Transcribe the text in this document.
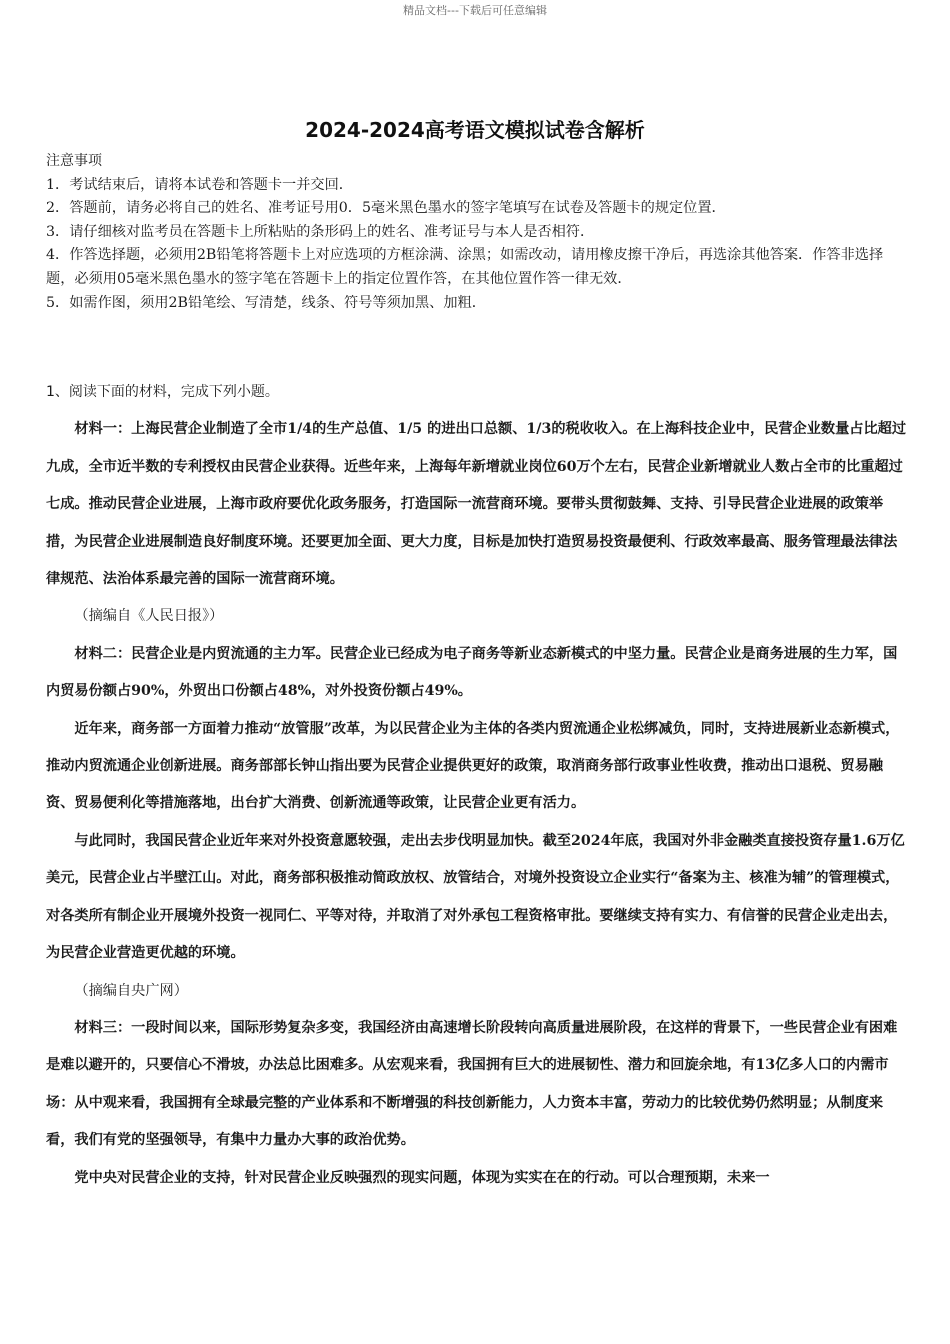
精品文档---下载后可任意编辑
2024-2024高考语文模拟试卷含解析

注意事项

1．考试结束后，请将本试卷和答题卡一并交回．

2．答题前，请务必将自己的姓名、准考证号用0．5毫米黑色墨水的签字笔填写在试卷及答题卡的规定位置．

3．请仔细核对监考员在答题卡上所粘贴的条形码上的姓名、准考证号与本人是否相符．

4．作答选择题，必须用2B铅笔将答题卡上对应选项的方框涂满、涂黑；如需改动，请用橡皮擦干净后，再选涂其他答案．作答非选择题，必须用05毫米黑色墨水的签字笔在答题卡上的指定位置作答，在其他位置作答一律无效．

5．如需作图，须用2B铅笔绘、写清楚，线条、符号等须加黑、加粗．

1、阅读下面的材料，完成下列小题。

材料一：上海民营企业制造了全市1/4的生产总值、1/5 的进出口总额、1/3的税收收入。在上海科技企业中，民营企业数量占比超过九成，全市近半数的专利授权由民营企业获得。近些年来，上海每年新增就业岗位60万个左右，民营企业新增就业人数占全市的比重超过七成。推动民营企业进展，上海市政府要优化政务服务，打造国际一流营商环境。要带头贯彻鼓舞、支持、引导民营企业进展的政策举措，为民营企业进展制造良好制度环境。还要更加全面、更大力度，目标是加快打造贸易投资最便利、行政效率最高、服务管理最法律法律规范、法治体系最完善的国际一流营商环境。

（摘编自《人民日报》）

材料二：民营企业是内贸流通的主力军。民营企业已经成为电子商务等新业态新模式的中坚力量。民营企业是商务进展的生力军，国内贸易份额占90%，外贸出口份额占48%，对外投资份额占49%。

近年来，商务部一方面着力推动“放管服”改革，为以民营企业为主体的各类内贸流通企业松绑减负，同时，支持进展新业态新模式，推动内贸流通企业创新进展。商务部部长钟山指出要为民营企业提供更好的政策，取消商务部行政事业性收费，推动出口退税、贸易融资、贸易便利化等措施落地，出台扩大消费、创新流通等政策，让民营企业更有活力。

与此同时，我国民营企业近年来对外投资意愿较强，走出去步伐明显加快。截至2024年底，我国对外非金融类直接投资存量1.6万亿美元，民营企业占半壁江山。对此，商务部积极推动简政放权、放管结合，对境外投资设立企业实行“备案为主、核准为辅”的管理模式，对各类所有制企业开展境外投资一视同仁、平等对待，并取消了对外承包工程资格审批。要继续支持有实力、有信誉的民营企业走出去，为民营企业营造更优越的环境。

（摘编自央广网）

材料三：一段时间以来，国际形势复杂多变，我国经济由高速增长阶段转向高质量进展阶段，在这样的背景下，一些民营企业有困难是难以避开的，只要信心不滑坡，办法总比困难多。从宏观来看，我国拥有巨大的进展韧性、潜力和回旋余地，有13亿多人口的内需市场：从中观来看，我国拥有全球最完整的产业体系和不断增强的科技创新能力，人力资本丰富，劳动力的比较优势仍然明显；从制度来看，我们有党的坚强领导，有集中力量办大事的政治优势。

党中央对民营企业的支持，针对民营企业反映强烈的现实问题，体现为实实在在的行动。可以合理预期，未来一
